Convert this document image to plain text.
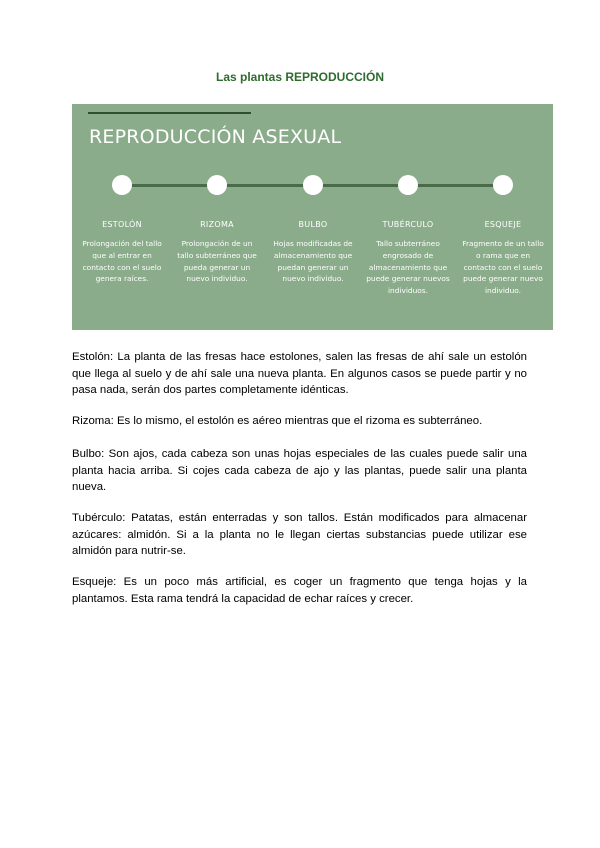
Las plantas REPRODUCCIÓN
REPRODUCCIÓN ASEXUAL
ESTOLÓN
Prolongación del tallo que al entrar en contacto con el suelo genera raíces.
RIZOMA
Prolongación de un tallo subterráneo que pueda generar un nuevo individuo.
BULBO
Hojas modificadas de almacenamiento que puedan generar un nuevo individuo.
TUBÉRCULO
Tallo subterráneo engrosado de almacenamiento que puede generar nuevos individuos.
ESQUEJE
Fragmento de un tallo o rama que en contacto con el suelo puede generar nuevo individuo.

Estolón: La planta de las fresas hace estolones, salen las fresas de ahí sale un estolón que llega al suelo y de ahí sale una nueva planta. En algunos casos se puede partir y no pasa nada, serán dos partes completamente idénticas.

Rizoma: Es lo mismo, el estolón es aéreo mientras que el rizoma es subterráneo.

Bulbo: Son ajos, cada cabeza son unas hojas especiales de las cuales puede salir una planta hacia arriba. Si cojes cada cabeza de ajo y las plantas, puede salir una planta nueva.

Tubérculo: Patatas, están enterradas y son tallos. Están modificados para almacenar azúcares: almidón. Si a la planta no le llegan ciertas substancias puede utilizar ese almidón para nutrir-se.

Esqueje: Es un poco más artificial, es coger un fragmento que tenga hojas y la plantamos. Esta rama tendrá la capacidad de echar raíces y crecer.
